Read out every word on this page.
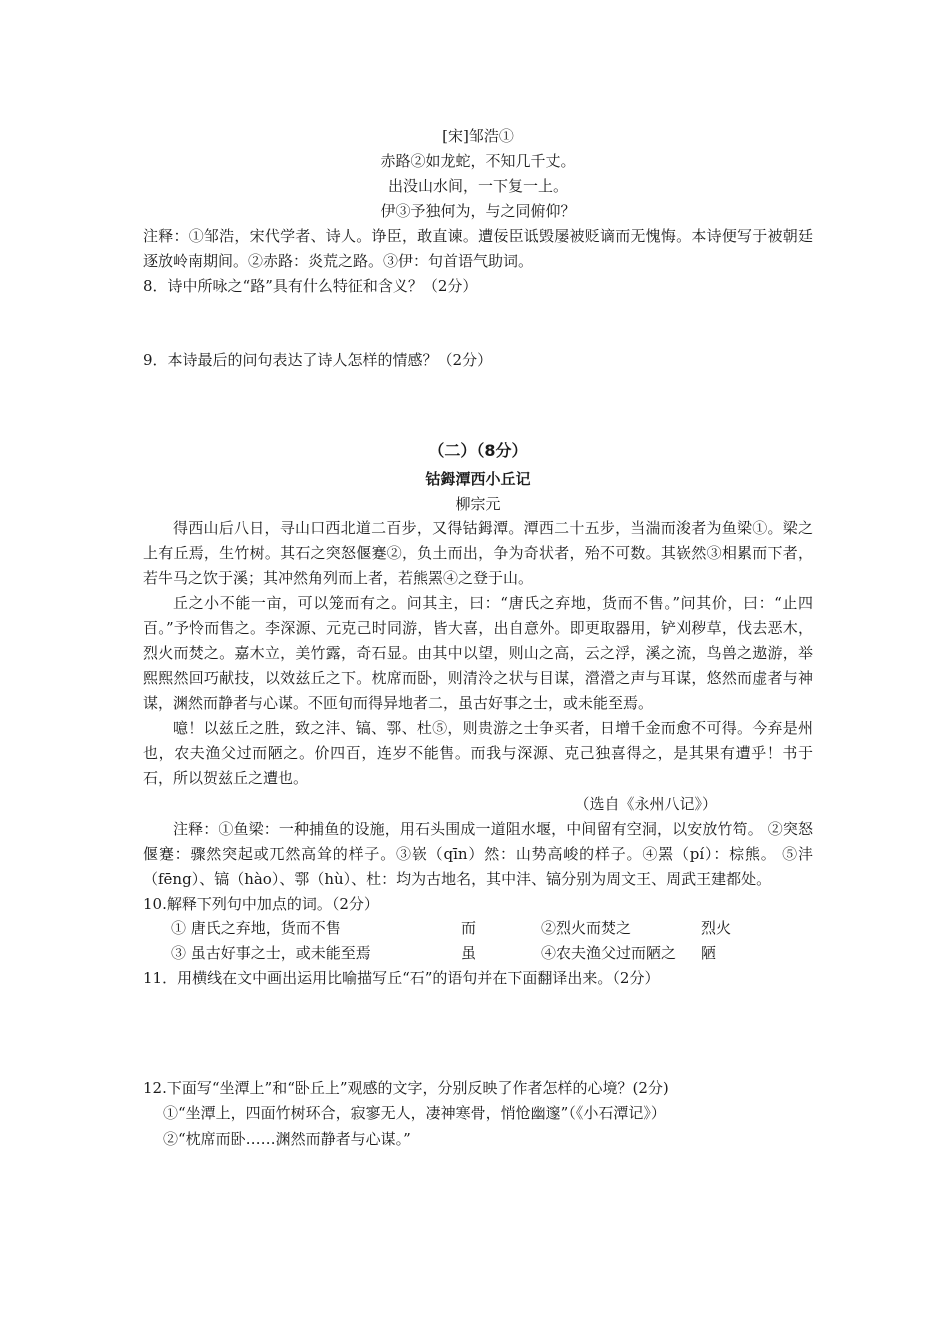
[宋]邹浩①
赤路②如龙蛇，不知几千丈。
出没山水间，一下复一上。
伊③予独何为，与之同俯仰？
注释：①邹浩，宋代学者、诗人。诤臣，敢直谏。遭佞臣诋毁屡被贬谪而无愧悔。本诗便写于被朝廷逐放岭南期间。②赤路：炎荒之路。③伊：句首语气助词。
8．诗中所咏之“路”具有什么特征和含义？（2分）
9．本诗最后的问句表达了诗人怎样的情感？（2分）
（二）（8分）
钴鉧潭西小丘记
柳宗元
得西山后八日，寻山口西北道二百步，又得钴鉧潭。潭西二十五步，当湍而浚者为鱼梁①。梁之上有丘焉，生竹树。其石之突怒偃蹇②，负土而出，争为奇状者，殆不可数。其嵚然③相累而下者，若牛马之饮于溪；其冲然角列而上者，若熊罴④之登于山。
丘之小不能一亩，可以笼而有之。问其主，曰：“唐氏之弃地，货而不售。”问其价，曰：“止四百。”予怜而售之。李深源、元克己时同游，皆大喜，出自意外。即更取器用，铲刈秽草，伐去恶木，烈火而焚之。嘉木立，美竹露，奇石显。由其中以望，则山之高，云之浮，溪之流，鸟兽之遨游，举熙熙然回巧献技，以效兹丘之下。枕席而卧，则清泠之状与目谋，瀯瀯之声与耳谋，悠然而虚者与神谋，渊然而静者与心谋。不匝旬而得异地者二，虽古好事之士，或未能至焉。
噫！以兹丘之胜，致之沣、镐、鄠、杜⑤，则贵游之士争买者，日增千金而愈不可得。今弃是州也，农夫渔父过而陋之。价四百，连岁不能售。而我与深源、克己独喜得之，是其果有遭乎！书于石，所以贺兹丘之遭也。
（选自《永州八记》）
注释：①鱼梁：一种捕鱼的设施，用石头围成一道阻水堰，中间留有空洞，以安放竹笱。 ②突怒偃蹇：骤然突起或兀然高耸的样子。③嵚（qīn）然：山势高峻的样子。④罴（pí）：棕熊。 ⑤沣（fēng）、镐（hào）、鄠（hù）、杜：均为古地名，其中沣、镐分别为周文王、周武王建都处。
10.解释下列句中加点的词。（2分）
① 唐氏之弃地，货而不售	而	②烈火而焚之	烈火
③ 虽古好事之士，或未能至焉	虽	④农夫渔父过而陋之	陋
11．用横线在文中画出运用比喻描写丘“石”的语句并在下面翻译出来。（2分）
12.下面写“坐潭上”和“卧丘上”观感的文字，分别反映了作者怎样的心境？(2分)
①“坐潭上，四面竹树环合，寂寥无人，凄神寒骨，悄怆幽邃”（《小石潭记》）
②“枕席而卧……渊然而静者与心谋。”
